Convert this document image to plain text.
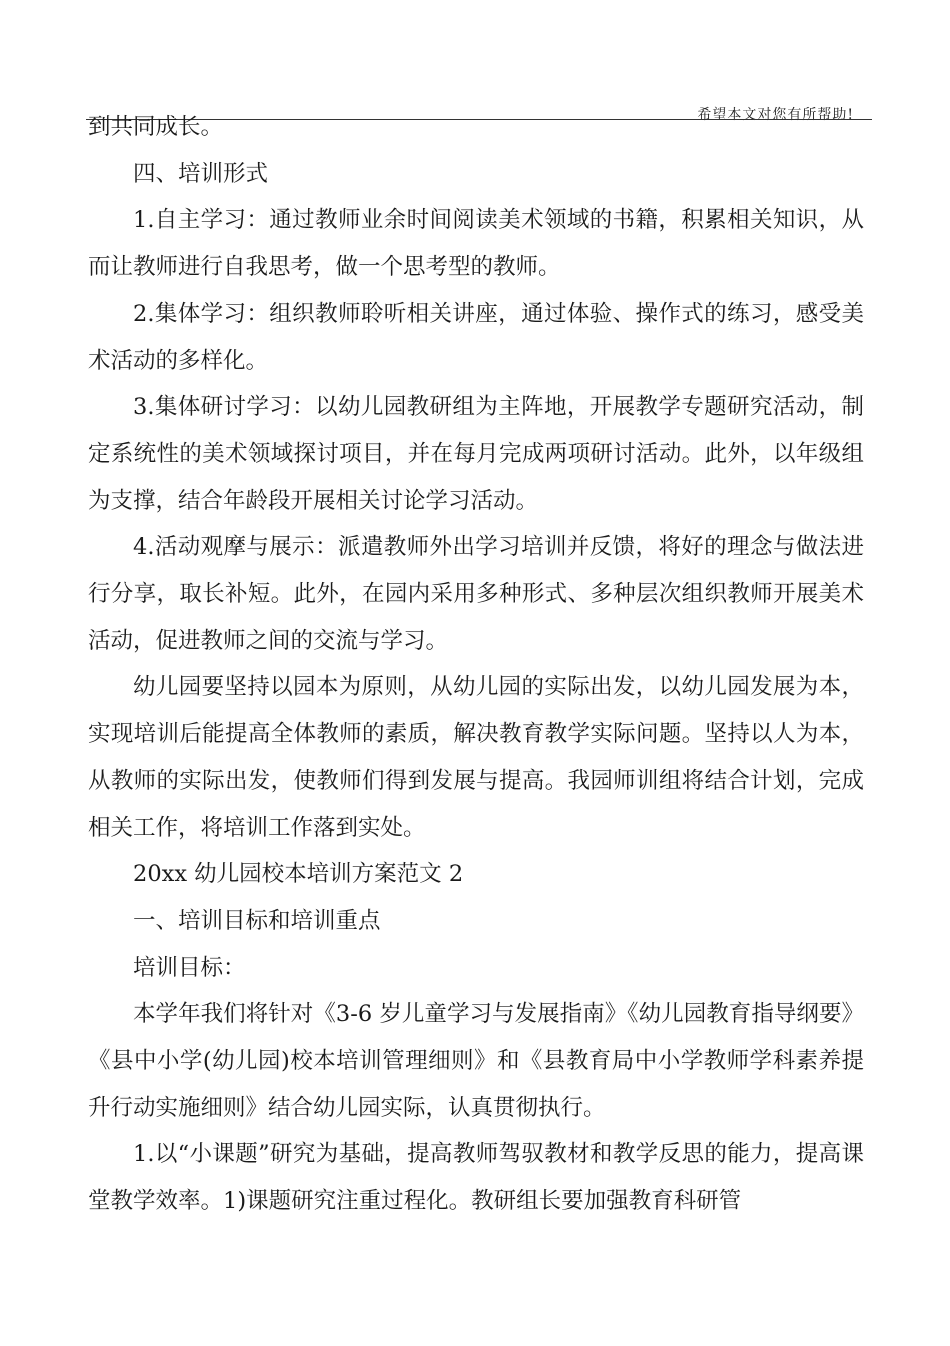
希望本文对您有所帮助!

到共同成长。

四、培训形式

1.自主学习：通过教师业余时间阅读美术领域的书籍，积累相关知识，从而让教师进行自我思考，做一个思考型的教师。

2.集体学习：组织教师聆听相关讲座，通过体验、操作式的练习，感受美术活动的多样化。

3.集体研讨学习：以幼儿园教研组为主阵地，开展教学专题研究活动，制定系统性的美术领域探讨项目，并在每月完成两项研讨活动。此外，以年级组为支撑，结合年龄段开展相关讨论学习活动。

4.活动观摩与展示：派遣教师外出学习培训并反馈，将好的理念与做法进行分享，取长补短。此外，在园内采用多种形式、多种层次组织教师开展美术活动，促进教师之间的交流与学习。

幼儿园要坚持以园本为原则，从幼儿园的实际出发，以幼儿园发展为本，实现培训后能提高全体教师的素质，解决教育教学实际问题。坚持以人为本，从教师的实际出发，使教师们得到发展与提高。我园师训组将结合计划，完成相关工作，将培训工作落到实处。

20xx 幼儿园校本培训方案范文 2

一、培训目标和培训重点

培训目标：

本学年我们将针对《3-6 岁儿童学习与发展指南》《幼儿园教育指导纲要》《县中小学(幼儿园)校本培训管理细则》和《县教育局中小学教师学科素养提升行动实施细则》结合幼儿园实际，认真贯彻执行。

1.以“小课题”研究为基础，提高教师驾驭教材和教学反思的能力，提高课堂教学效率。1)课题研究注重过程化。教研组长要加强教育科研管
